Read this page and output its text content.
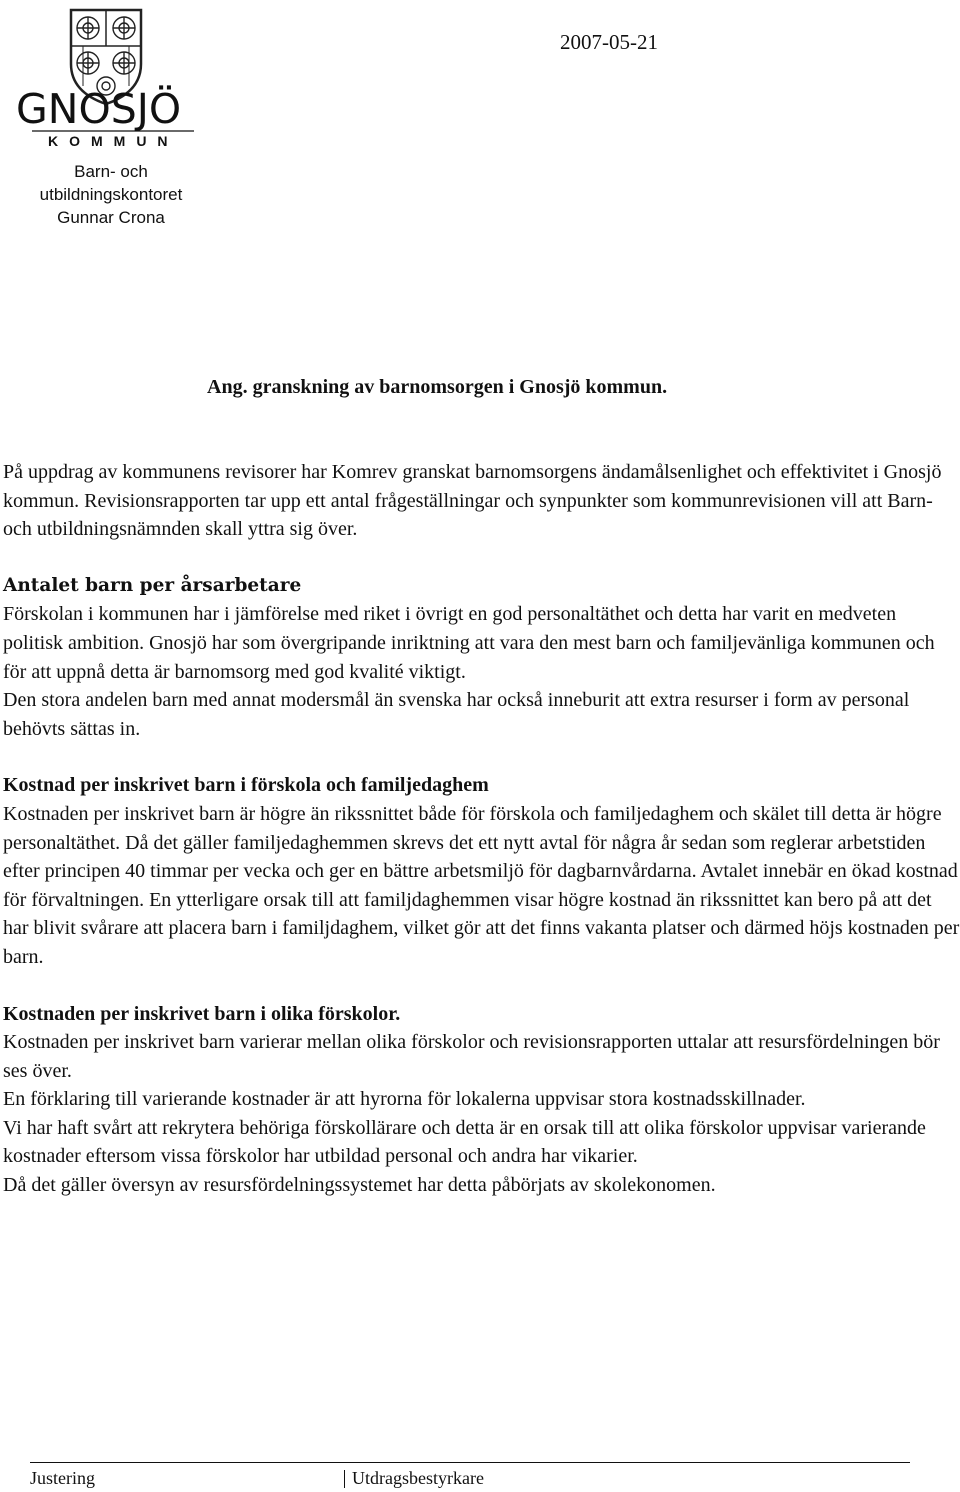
GNOSJÖ
KOMMUN
Barn- och
utbildningskontoret
Gunnar Crona
2007-05-21
Ang. granskning av barnomsorgen i Gnosjö kommun.

På uppdrag av kommunens revisorer har Komrev granskat barnomsorgens ändamålsenlighet och effektivitet i Gnosjö kommun. Revisionsrapporten tar upp ett antal frågeställningar och synpunkter som kommunrevisionen vill att Barn- och utbildningsnämnden skall yttra sig över.

Antalet barn per årsarbetare

Förskolan i kommunen har i jämförelse med riket i övrigt en god personaltäthet och detta har varit en medveten politisk ambition. Gnosjö har som övergripande inriktning att vara den mest barn och familjevänliga kommunen och för att uppnå detta är barnomsorg med god kvalité viktigt.

Den stora andelen barn med annat modersmål än svenska har också inneburit att extra resurser i form av personal behövts sättas in.

Kostnad per inskrivet barn i förskola och familjedaghem

Kostnaden per inskrivet barn är högre än rikssnittet både för förskola och familjedaghem och skälet till detta är högre personaltäthet. Då det gäller familjedaghemmen skrevs det ett nytt avtal för några år sedan som reglerar arbetstiden efter principen 40 timmar per vecka och ger en bättre arbetsmiljö för dagbarnvårdarna. Avtalet innebär en ökad kostnad för förvaltningen. En ytterligare orsak till att familjdaghemmen visar högre kostnad än rikssnittet kan bero på att det har blivit svårare att placera barn i familjdaghem, vilket gör att det finns vakanta platser och därmed höjs kostnaden per barn.

Kostnaden per inskrivet barn i olika förskolor.

Kostnaden per inskrivet barn varierar mellan olika förskolor och revisionsrapporten uttalar att resursfördelningen bör ses över.

En förklaring till varierande kostnader är att hyrorna för lokalerna uppvisar stora kostnadsskillnader.

Vi har haft svårt att rekrytera behöriga förskollärare och detta är en orsak till att olika förskolor uppvisar varierande kostnader eftersom vissa förskolor har utbildad personal och andra har vikarier.

Då det gäller översyn av resursfördelningssystemet har detta påbörjats av skolekonomen.

Justering	Utdragsbestyrkare
